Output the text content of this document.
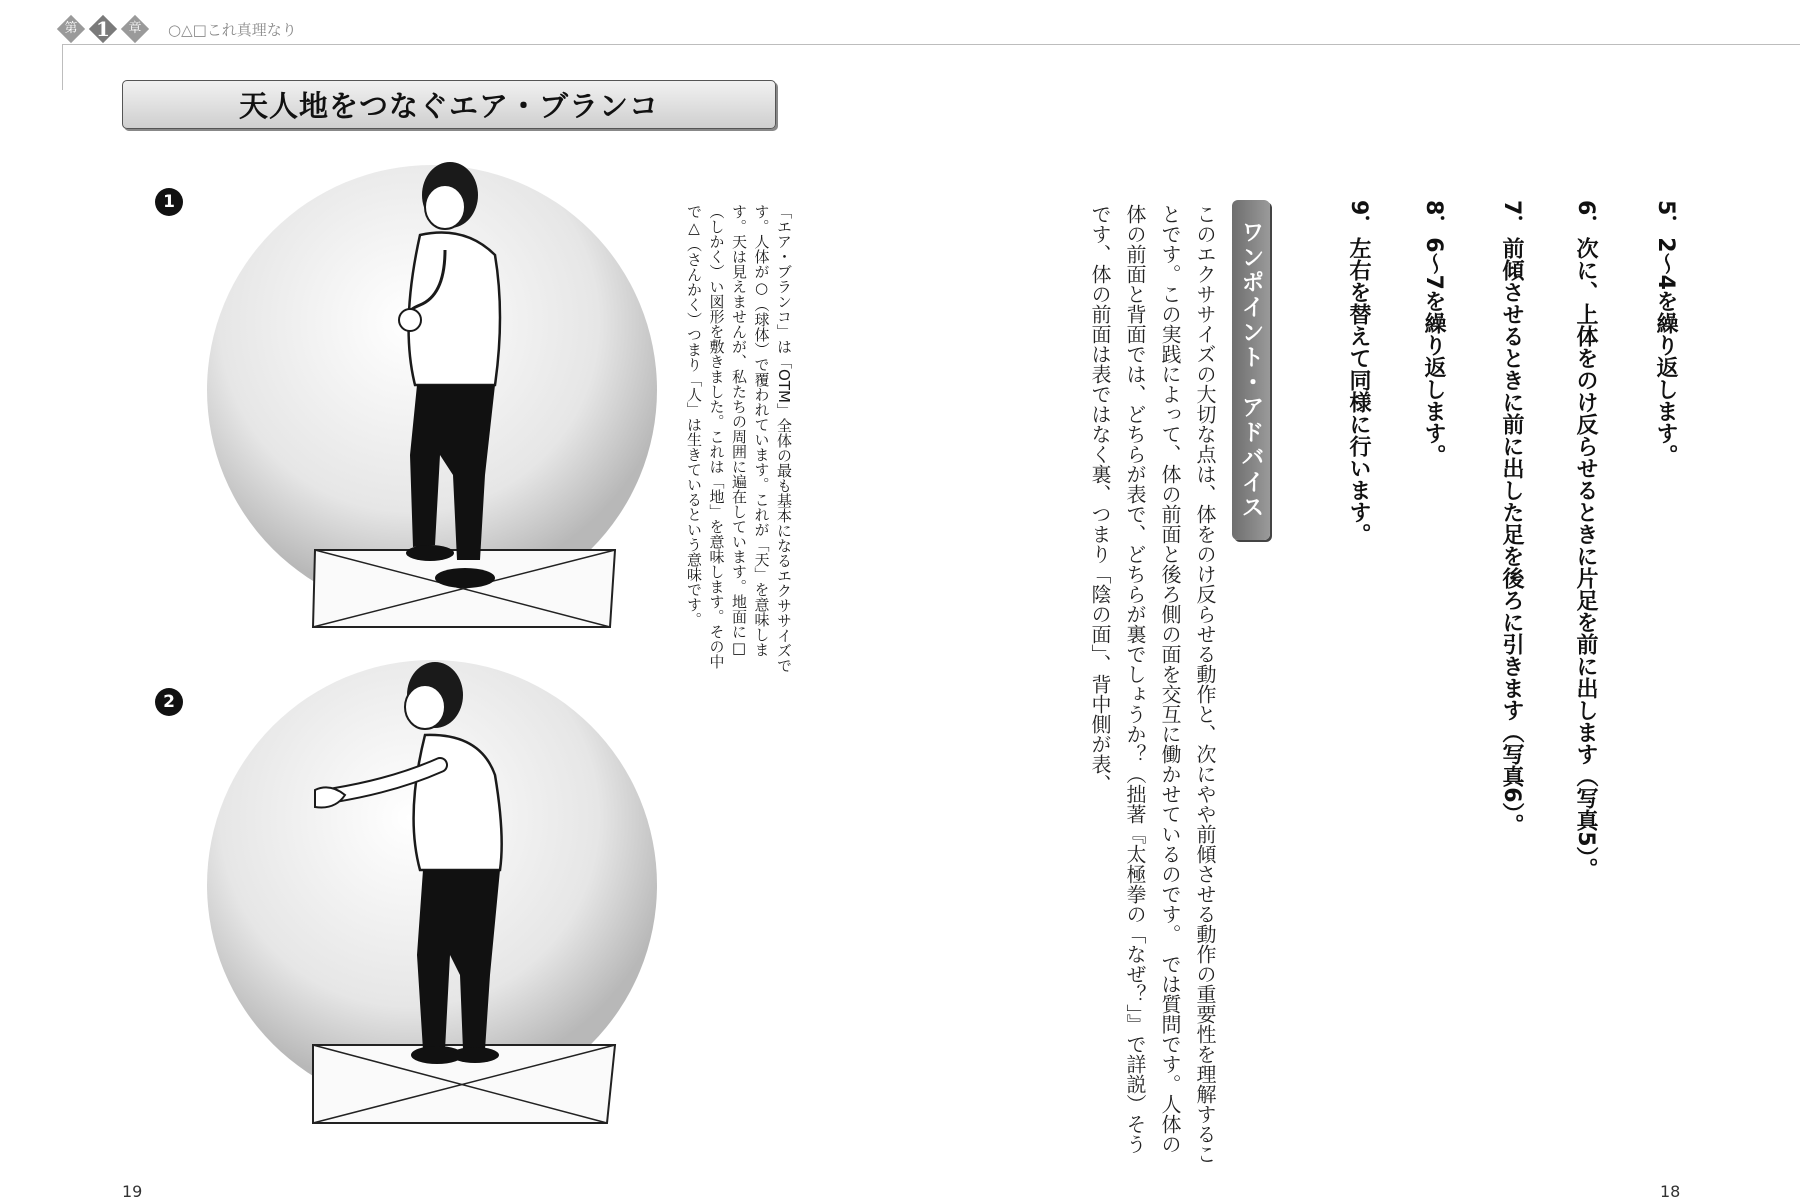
第 1	章	○△□これ真理なり
天人地をつなぐエア・ブランコ
1
2
「エア・ブランコ」は「OTM」全体の最も基本になるエクササイズです。人体が○（球体）で覆われています。これが「天」を意味します。天は見えませんが、私たちの周囲に遍在しています。地面に□（しかく）い図形を敷きました。これは「地」を意味します。その中で△（さんかく）つまり「人」は生きているという意味です。	5．2〜4を繰り返します。
6．次に、上体をのけ反らせるときに片足を前に出します（写真5）。
7．前傾させるときに前に出した足を後ろに引きます（写真6）。
8．6〜7を繰り返します。
9．左右を替えて同様に行います。
ワンポイント・アドバイス
このエクササイズの大切な点は、体をのけ反らせる動作と、次にやや前傾させる動作の重要性を理解することです。この実践によって、体の前面と後ろ側の面を交互に働かせているのです。　では質問です。人体の体の前面と背面では、どちらが表で、どちらが裏でしょうか？（拙著『太極拳の「なぜ？」』で詳説）そうです、体の前面は表ではなく裏、つまり「陰の面」、背中側が表、
19	18
